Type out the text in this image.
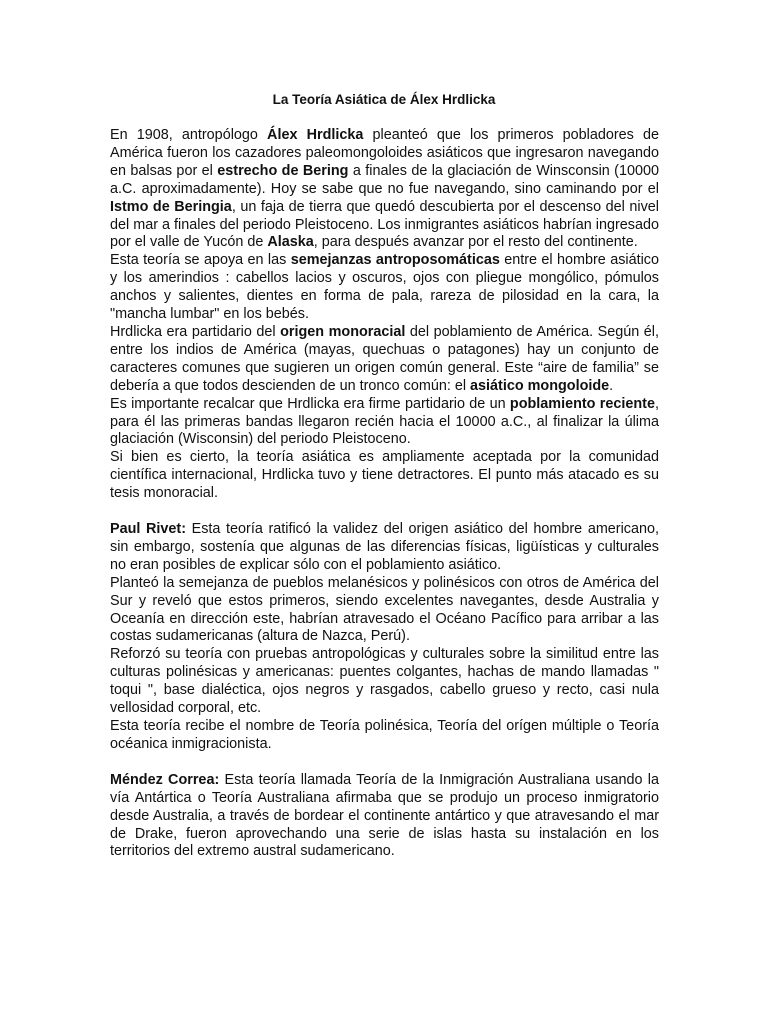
La Teoría Asiática de Álex Hrdlicka

En 1908, antropólogo Álex Hrdlicka pleanteó que los primeros pobladores de América fueron los cazadores paleomongoloides asiáticos que ingresaron navegando en balsas por el estrecho de Bering a finales de la glaciación de Winsconsin (10000 a.C. aproximadamente). Hoy se sabe que no fue navegando, sino caminando por el Istmo de Beringia, un faja de tierra que quedó descubierta por el descenso del nivel del mar a finales del periodo Pleistoceno. Los inmigrantes asiáticos habrían ingresado por el valle de Yucón de Alaska, para después avanzar por el resto del continente.

Esta teoría se apoya en las semejanzas antroposomáticas entre el hombre asiático y los amerindios : cabellos lacios y oscuros, ojos con pliegue mongólico, pómulos anchos y salientes, dientes en forma de pala, rareza de pilosidad en la cara, la "mancha lumbar" en los bebés.

Hrdlicka era partidario del origen monoracial del poblamiento de América. Según él, entre los indios de América (mayas, quechuas o patagones) hay un conjunto de caracteres comunes que sugieren un origen común general. Este “aire de familia” se debería a que todos descienden de un tronco común: el asiático mongoloide.

Es importante recalcar que Hrdlicka era firme partidario de un poblamiento reciente, para él las primeras bandas llegaron recién hacia el 10000 a.C., al finalizar la úlima glaciación (Wisconsin) del periodo Pleistoceno.

Si bien es cierto, la teoría asiática es ampliamente aceptada por la comunidad científica internacional, Hrdlicka tuvo y tiene detractores. El punto más atacado es su tesis monoracial.

Paul Rivet: Esta teoría ratificó la validez del origen asiático del hombre americano, sin embargo, sostenía que algunas de las diferencias físicas, ligüísticas y culturales no eran posibles de explicar sólo con el poblamiento asiático.

Planteó la semejanza de pueblos melanésicos y polinésicos con otros de América del Sur y reveló que estos primeros, siendo excelentes navegantes, desde Australia y Oceanía en dirección este, habrían atravesado el Océano Pacífico para arribar a las costas sudamericanas (altura de Nazca, Perú).

Reforzó su teoría con pruebas antropológicas y culturales sobre la similitud entre las culturas polinésicas y americanas: puentes colgantes, hachas de mando llamadas " toqui ", base dialéctica, ojos negros y rasgados, cabello grueso y recto, casi nula vellosidad corporal, etc.

Esta teoría recibe el nombre de Teoría polinésica, Teoría del orígen múltiple o Teoría océanica inmigracionista.

Méndez Correa: Esta teoría llamada Teoría de la Inmigración Australiana usando la vía Antártica o Teoría Australiana afirmaba que se produjo un proceso inmigratorio desde Australia, a través de bordear el continente antártico y que atravesando el mar de Drake, fueron aprovechando una serie de islas hasta su instalación en los territorios del extremo austral sudamericano.
